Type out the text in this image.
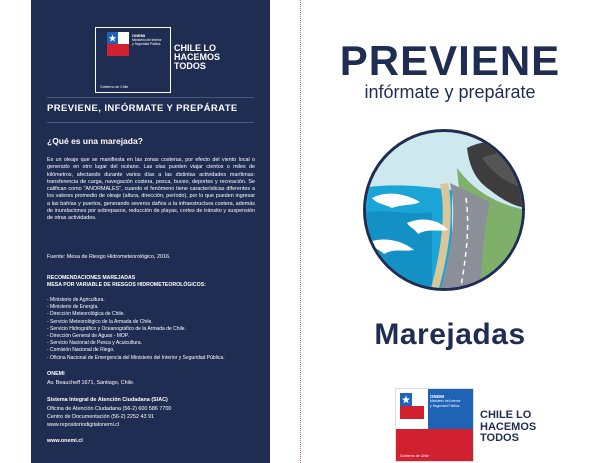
ONEMI
Ministerio del Interior
y Seguridad Pública
Gobierno de Chile
CHILE LO
HACEMOS
TODOS
PREVIENE, INFÓRMATE Y PREPÁRATE
¿Qué es una marejada?
Es un oleaje que se manifiesta en las zonas costeras, por efecto del viento local o generado en otro lugar del océano. Las olas pueden viajar cientos o miles de kilómetros, afectando durante varios días a las distintas actividades marítimas: transferencia de carga, navegación costera, pesca, buceo, deportes y recreación. Se califican como "ANORMALES", cuando el fenómeno tiene características diferentes a los valores promedio de oleaje (altura, dirección, período), por lo que pueden ingresar a las bahías y puertos, generando severos daños a la infraestructura costera, además de inundaciones por sobrepasos, reducción de playas, cortes de tránsito y suspensión de otras actividades.
Fuente: Mesa de Riesgo Hidrometeorológico, 2016.
RECOMENDACIONES MAREJADAS
MESA POR VARIABLE DE RIESGOS HIDROMETEOROLÓGICOS:
- Ministerio de Agricultura.
- Ministerio de Energía.
- Dirección Meteorológica de Chile.
- Servicio Meteorológico de la Armada de Chile.
- Servicio Hidrográfico y Oceanográfico de la Armada de Chile.
- Dirección General de Aguas - MOP.
- Servicio Nacional de Pesca y Acuicultura.
- Comisión Nacional de Riego.
- Oficina Nacional de Emergencia del Ministerio del Interior y Seguridad Pública.
ONEMI
Av. Beaucheff 1671, Santiago, Chile.
Sistema Integral de Atención Ciudadana (SIAC)
Oficina de Atención Ciudadana (56-2) 600 586 7700
Centro de Documentación (56-2) 2252 43 91
www.repositoriodigitalonemi.cl
www.onemi.cl
PREVIENE
infórmate y prepárate
Marejadas
ONEMI
Ministerio del Interior
y Seguridad Pública
Gobierno de Chile
CHILE LO
HACEMOS
TODOS
